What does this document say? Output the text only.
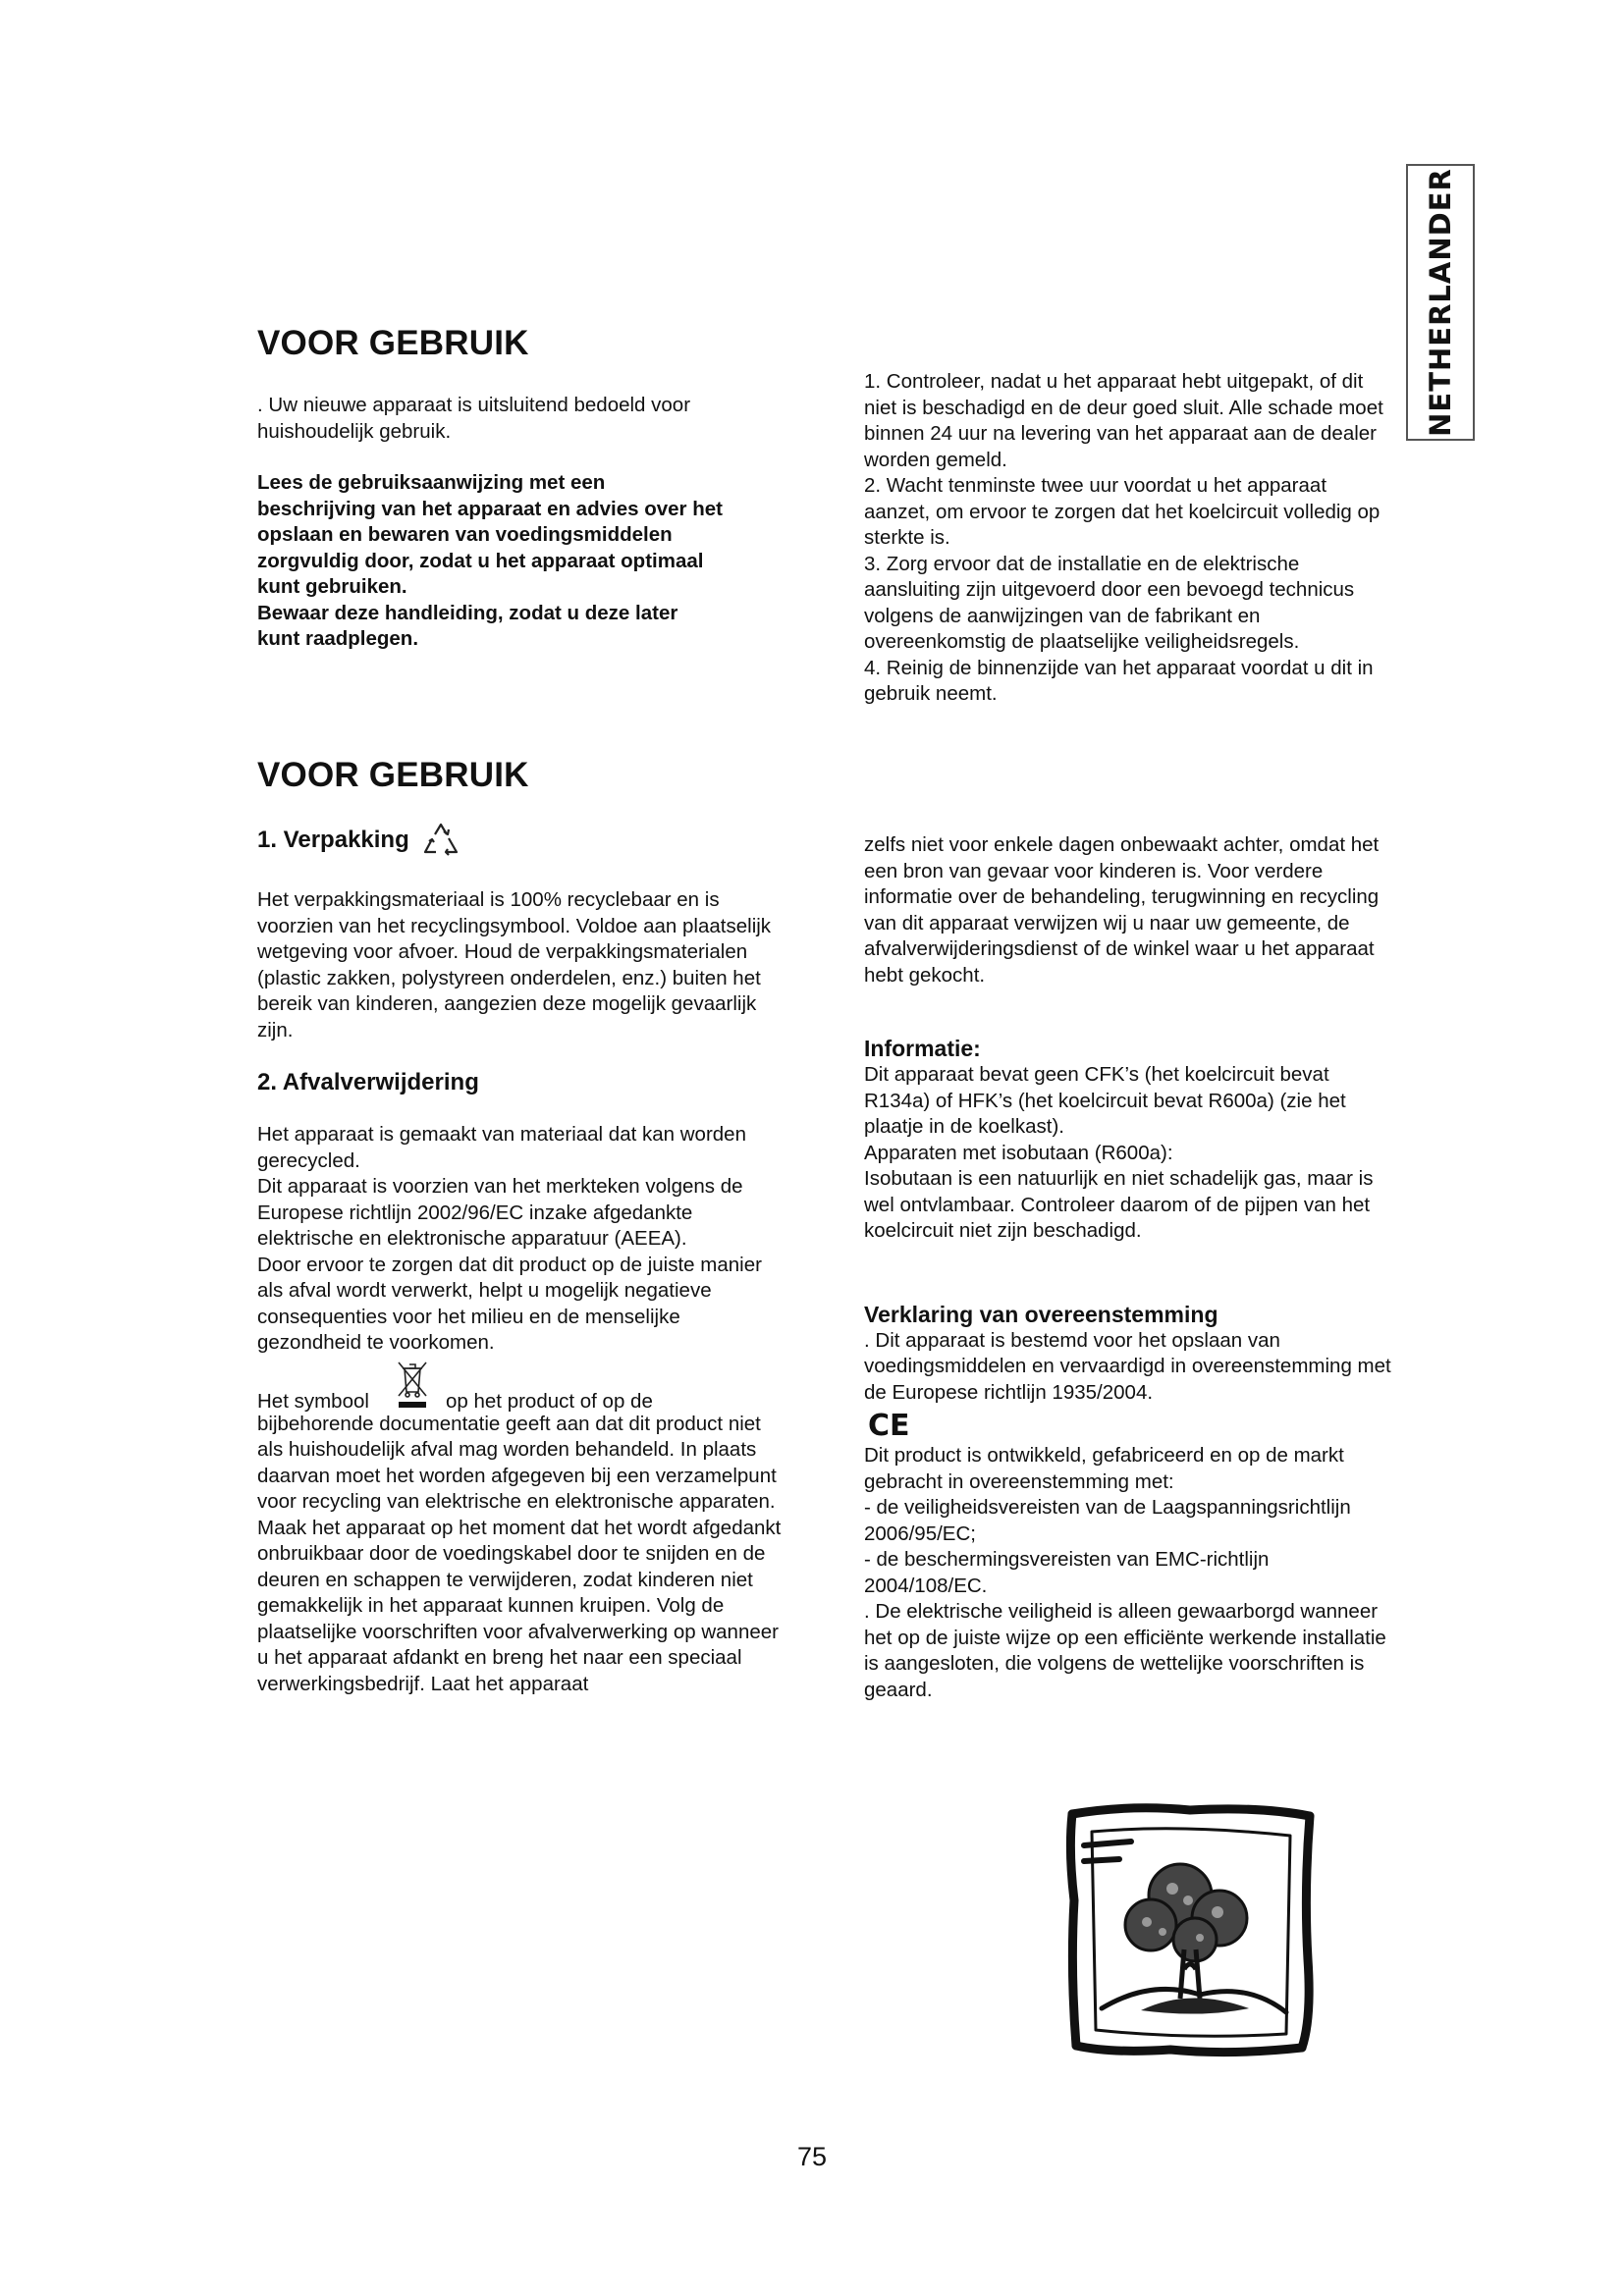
NETHERLANDER
VOOR GEBRUIK

. Uw nieuwe apparaat is uitsluitend bedoeld voor huishoudelijk gebruik.

Lees de gebruiksaanwijzing met een
beschrijving van het apparaat en advies over het
opslaan en bewaren van voedingsmiddelen
zorgvuldig door, zodat u het apparaat optimaal
kunt gebruiken.
Bewaar deze handleiding, zodat u deze later
kunt raadplegen.

1. Controleer, nadat u het apparaat hebt uitgepakt, of dit niet is beschadigd en de deur goed sluit. Alle schade moet binnen 24 uur na levering van het apparaat aan de dealer worden gemeld.

2. Wacht tenminste twee uur voordat u het apparaat aanzet, om ervoor te zorgen dat het koelcircuit volledig op sterkte is.

3. Zorg ervoor dat de installatie en de elektrische aansluiting zijn uitgevoerd door een bevoegd technicus volgens de aanwijzingen van de fabrikant en overeenkomstig de plaatselijke veiligheidsregels.

4. Reinig de binnenzijde van het apparaat voordat u dit in gebruik neemt.

VOOR GEBRUIK
1. Verpakking

Het verpakkingsmateriaal is 100% recyclebaar en is voorzien van het recyclingsymbool. Voldoe aan plaatselijk wetgeving voor afvoer. Houd de verpakkingsmaterialen (plastic zakken, polystyreen onderdelen, enz.) buiten het bereik van kinderen, aangezien deze mogelijk gevaarlijk zijn.

2. Afvalverwijdering

Het apparaat is gemaakt van materiaal dat kan worden gerecycled.

Dit apparaat is voorzien van het merkteken volgens de Europese richtlijn 2002/96/EC inzake afgedankte elektrische en elektronische apparatuur (AEEA).

Door ervoor te zorgen dat dit product op de juiste manier als afval wordt verwerkt, helpt u mogelijk negatieve consequenties voor het milieu en de menselijke gezondheid te voorkomen.

Het symbool	op het product of op de

bijbehorende documentatie geeft aan dat dit product niet als huishoudelijk afval mag worden behandeld. In plaats daarvan moet het worden afgegeven bij een verzamelpunt voor recycling van elektrische en elektronische apparaten. Maak het apparaat op het moment dat het wordt afgedankt onbruikbaar door de voedingskabel door te snijden en de deuren en schappen te verwijderen, zodat kinderen niet gemakkelijk in het apparaat kunnen kruipen. Volg de plaatselijke voorschriften voor afvalverwerking op wanneer u het apparaat afdankt en breng het naar een speciaal verwerkingsbedrijf. Laat het apparaat

zelfs niet voor enkele dagen onbewaakt achter, omdat het een bron van gevaar voor kinderen is. Voor verdere informatie over de behandeling, terugwinning en recycling van dit apparaat verwijzen wij u naar uw gemeente, de afvalverwijderingsdienst of de winkel waar u het apparaat hebt gekocht.

Informatie:

Dit apparaat bevat geen CFK’s (het koelcircuit bevat R134a) of HFK’s (het koelcircuit bevat R600a) (zie het plaatje in de koelkast).

Apparaten met isobutaan (R600a):

Isobutaan is een natuurlijk en niet schadelijk gas, maar is wel ontvlambaar. Controleer daarom of de pijpen van het koelcircuit niet zijn beschadigd.

Verklaring van overeenstemming

. Dit apparaat is bestemd voor het opslaan van voedingsmiddelen en vervaardigd in overeenstemming met de Europese richtlijn 1935/2004.

CE

Dit product is ontwikkeld, gefabriceerd en op de markt gebracht in overeenstemming met:

- de veiligheidsvereisten van de Laagspanningsrichtlijn 2006/95/EC;

- de beschermingsvereisten van EMC-richtlijn 2004/108/EC.

. De elektrische veiligheid is alleen gewaarborgd wanneer het op de juiste wijze op een efficiënte werkende installatie is aangesloten, die volgens de wettelijke voorschriften is geaard.

75
